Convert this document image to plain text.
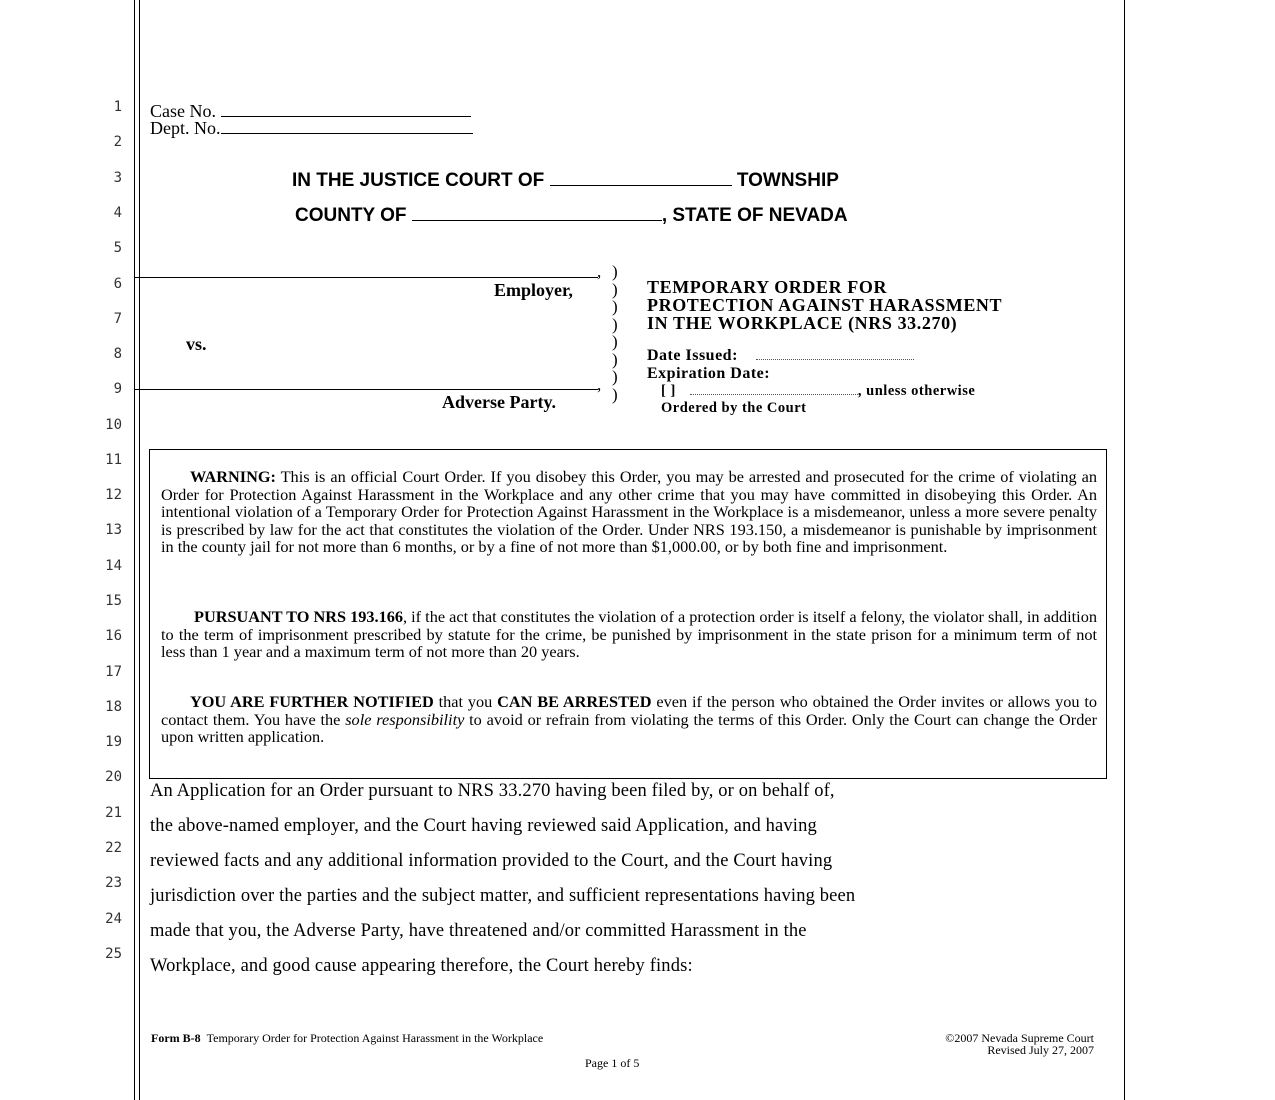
1
2
3
4
5
6
7
8
9
10
11
12
13
14
15
16
17
18
19
20
21
22
23
24
25
Case No.
Dept. No.
IN THE JUSTICE COURT OF	TOWNSHIP
COUNTY OF	, STATE OF NEVADA
,
Employer,
vs.
,
Adverse Party.
)
)
)
)
)
)
)
)
TEMPORARY ORDER FOR
PROTECTION AGAINST HARASSMENT
IN THE WORKPLACE (NRS 33.270)
Date Issued:
Expiration Date:
[ ]	, unless otherwise
Ordered by the Court
WARNING: This is an official Court Order. If you disobey this Order, you may be arrested and prosecuted for the crime of violating an Order for Protection Against Harassment in the Workplace and any other crime that you may have committed in disobeying this Order. An intentional violation of a Temporary Order for Protection Against Harassment in the Workplace is a misdemeanor, unless a more severe penalty is prescribed by law for the act that constitutes the violation of the Order. Under NRS 193.150, a misdemeanor is punishable by imprisonment in the county jail for not more than 6 months, or by a fine of not more than $1,000.00, or by both fine and imprisonment.
PURSUANT TO NRS 193.166, if the act that constitutes the violation of a protection order is itself a felony, the violator shall, in addition to the term of imprisonment prescribed by statute for the crime, be punished by imprisonment in the state prison for a minimum term of not less than 1 year and a maximum term of not more than 20 years.
YOU ARE FURTHER NOTIFIED that you CAN BE ARRESTED even if the person who obtained the Order invites or allows you to contact them. You have the sole responsibility to avoid or refrain from violating the terms of this Order. Only the Court can change the Order upon written application.
An Application for an Order pursuant to NRS 33.270 having been filed by, or on behalf of,
the above-named employer, and the Court having reviewed said Application, and having
reviewed facts and any additional information provided to the Court, and the Court having
jurisdiction over the parties and the subject matter, and sufficient representations having been
made that you, the Adverse Party, have threatened and/or committed Harassment in the
Workplace, and good cause appearing therefore, the Court hereby finds:
Form B-8 Temporary Order for Protection Against Harassment in the Workplace	©2007 Nevada Supreme Court
Revised July 27, 2007
Page 1 of 5
